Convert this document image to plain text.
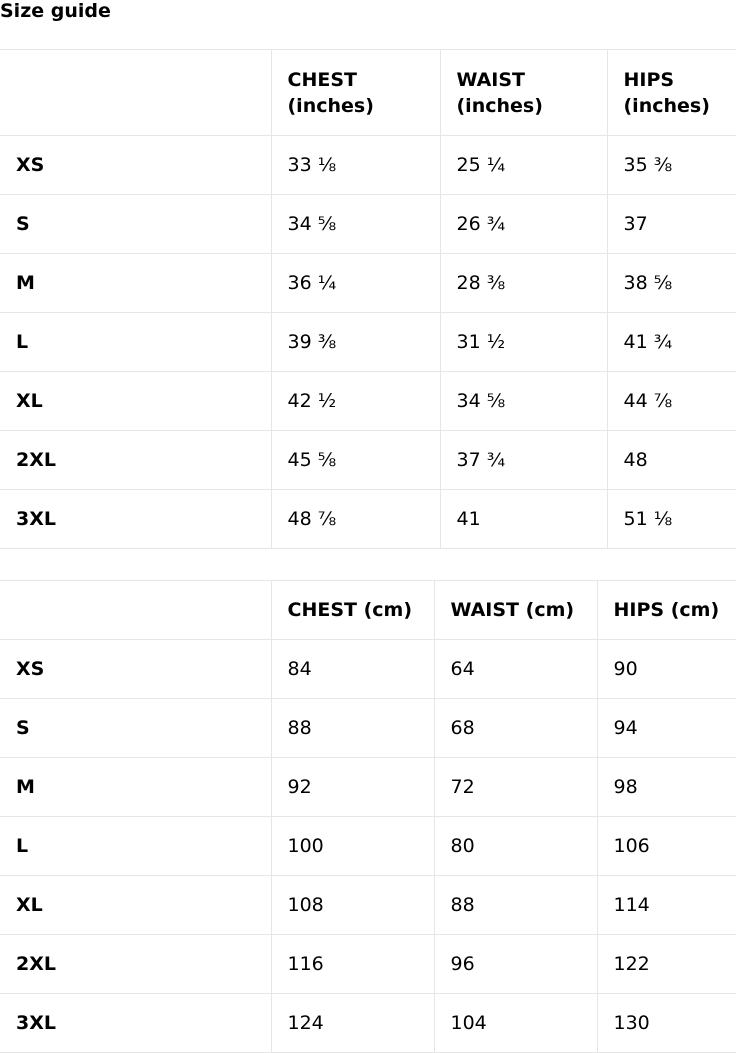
Size guide
	CHEST (inches)	WAIST (inches)	HIPS (inches)
XS	33 ⅛	25 ¼	35 ⅜
S	34 ⅝	26 ¾	37
M	36 ¼	28 ⅜	38 ⅝
L	39 ⅜	31 ½	41 ¾
XL	42 ½	34 ⅝	44 ⅞
2XL	45 ⅝	37 ¾	48
3XL	48 ⅞	41	51 ⅛
	CHEST (cm)	WAIST (cm)	HIPS (cm)
XS	84	64	90
S	88	68	94
M	92	72	98
L	100	80	106
XL	108	88	114
2XL	116	96	122
3XL	124	104	130
